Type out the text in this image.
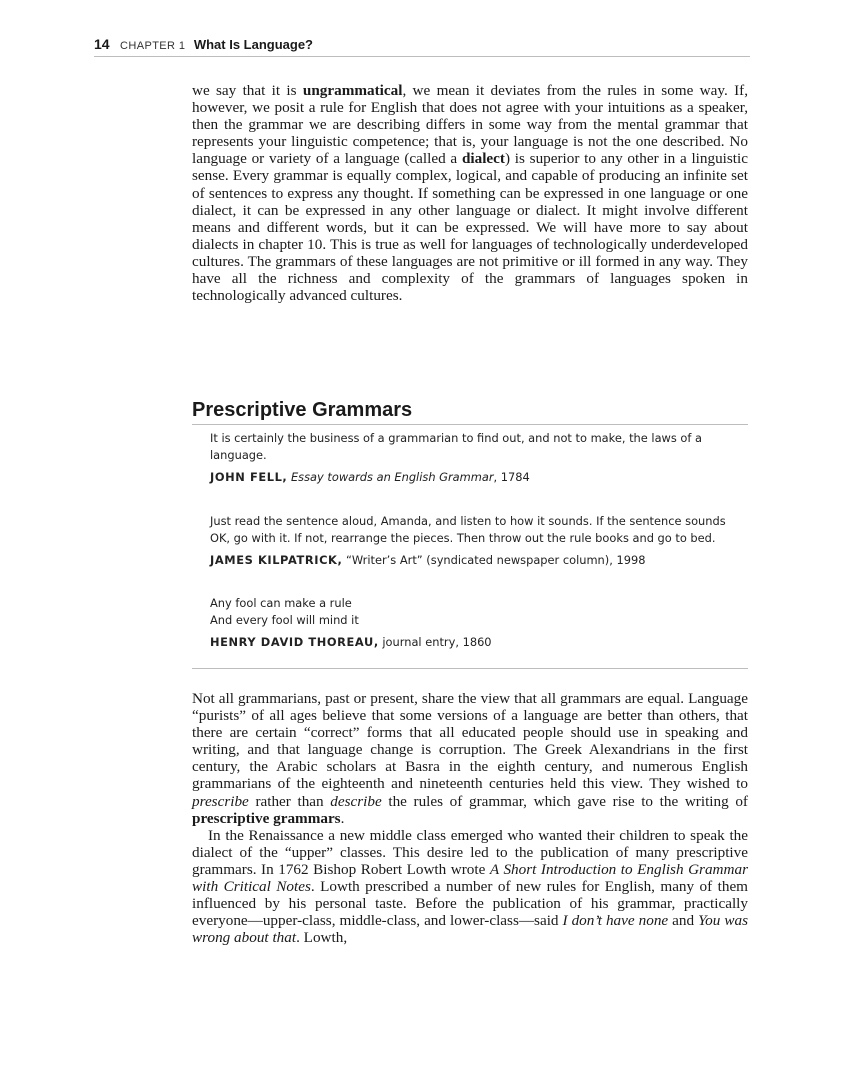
14 CHAPTER 1 What Is Language?

we say that it is ungrammatical, we mean it deviates from the rules in some way. If, however, we posit a rule for English that does not agree with your intuitions as a speaker, then the grammar we are describing differs in some way from the mental grammar that represents your linguistic competence; that is, your language is not the one described. No language or variety of a language (called a dialect) is superior to any other in a linguistic sense. Every grammar is equally complex, logical, and capable of producing an infinite set of sentences to express any thought. If something can be expressed in one language or one dialect, it can be expressed in any other language or dialect. It might involve different means and different words, but it can be expressed. We will have more to say about dialects in chapter 10. This is true as well for languages of technologically underdeveloped cultures. The grammars of these languages are not primitive or ill formed in any way. They have all the richness and complexity of the grammars of languages spoken in technologically advanced cultures.

Prescriptive Grammars
It is certainly the business of a grammarian to find out, and not to make, the laws of a language.
JOHN FELL, Essay towards an English Grammar, 1784
Just read the sentence aloud, Amanda, and listen to how it sounds. If the sentence sounds OK, go with it. If not, rearrange the pieces. Then throw out the rule books and go to bed.
JAMES KILPATRICK, “Writer’s Art” (syndicated newspaper column), 1998
Any fool can make a rule
And every fool will mind it
HENRY DAVID THOREAU, journal entry, 1860

Not all grammarians, past or present, share the view that all grammars are equal. Language “purists” of all ages believe that some versions of a language are better than others, that there are certain “correct” forms that all educated people should use in speaking and writing, and that language change is corruption. The Greek Alexandrians in the first century, the Arabic scholars at Basra in the eighth century, and numerous English grammarians of the eighteenth and nineteenth centuries held this view. They wished to prescribe rather than describe the rules of grammar, which gave rise to the writing of prescriptive grammars.

In the Renaissance a new middle class emerged who wanted their children to speak the dialect of the “upper” classes. This desire led to the publication of many prescriptive grammars. In 1762 Bishop Robert Lowth wrote A Short Introduction to English Grammar with Critical Notes. Lowth prescribed a number of new rules for English, many of them influenced by his personal taste. Before the publication of his grammar, practically everyone—upper-class, middle-class, and lower-class—said I don’t have none and You was wrong about that. Lowth,
